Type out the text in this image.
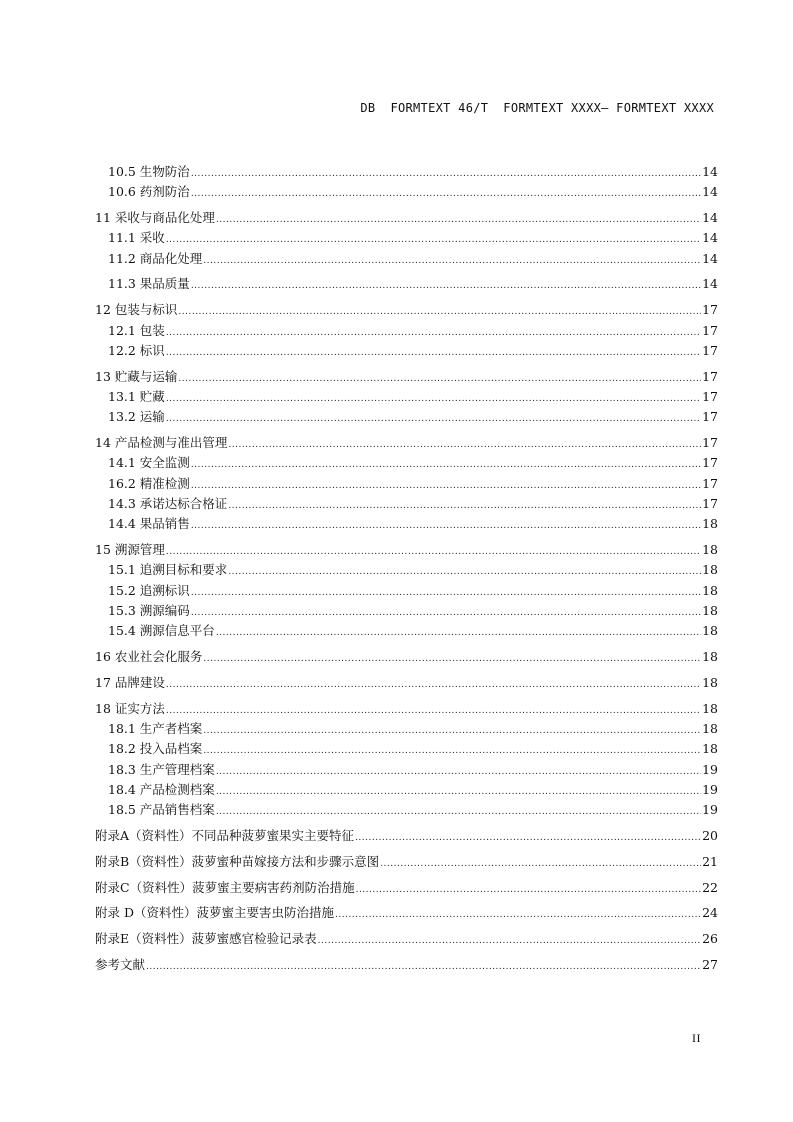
DB  FORMTEXT 46/T  FORMTEXT XXXX— FORMTEXT XXXX
10.5 生物防治 .....	14
10.6 药剂防治 .....	14
11 采收与商品化处理 .....	14
11.1 采收 .....	14
11.2 商品化处理 .....	14
11.3 果品质量 .....	14
12 包装与标识 .....	17
12.1 包装 .....	17
12.2 标识 .....	17
13 贮藏与运输 .....	17
13.1 贮藏 .....	17
13.2 运输 .....	17
14 产品检测与准出管理 .....	17
14.1 安全监测 .....	17
16.2 精准检测 .....	17
14.3 承诺达标合格证 .....	17
14.4 果品销售 .....	18
15 溯源管理 .....	18
15.1 追溯目标和要求 .....	18
15.2 追溯标识 .....	18
15.3 溯源编码 .....	18
15.4 溯源信息平台 .....	18
16 农业社会化服务 .....	18
17 品牌建设 .....	18
18 证实方法 .....	18
18.1 生产者档案 .....	18
18.2 投入品档案 .....	18
18.3 生产管理档案 .....	19
18.4 产品检测档案 .....	19
18.5 产品销售档案 .....	19
附录A（资料性）不同品种菠萝蜜果实主要特征 .....	20
附录B（资料性）菠萝蜜种苗嫁接方法和步骤示意图 .....	21
附录C（资料性）菠萝蜜主要病害药剂防治措施 .....	22
附录 D（资料性）菠萝蜜主要害虫防治措施 .....	24
附录E（资料性）菠萝蜜感官检验记录表 .....	26
参考文献 .....	27
II
